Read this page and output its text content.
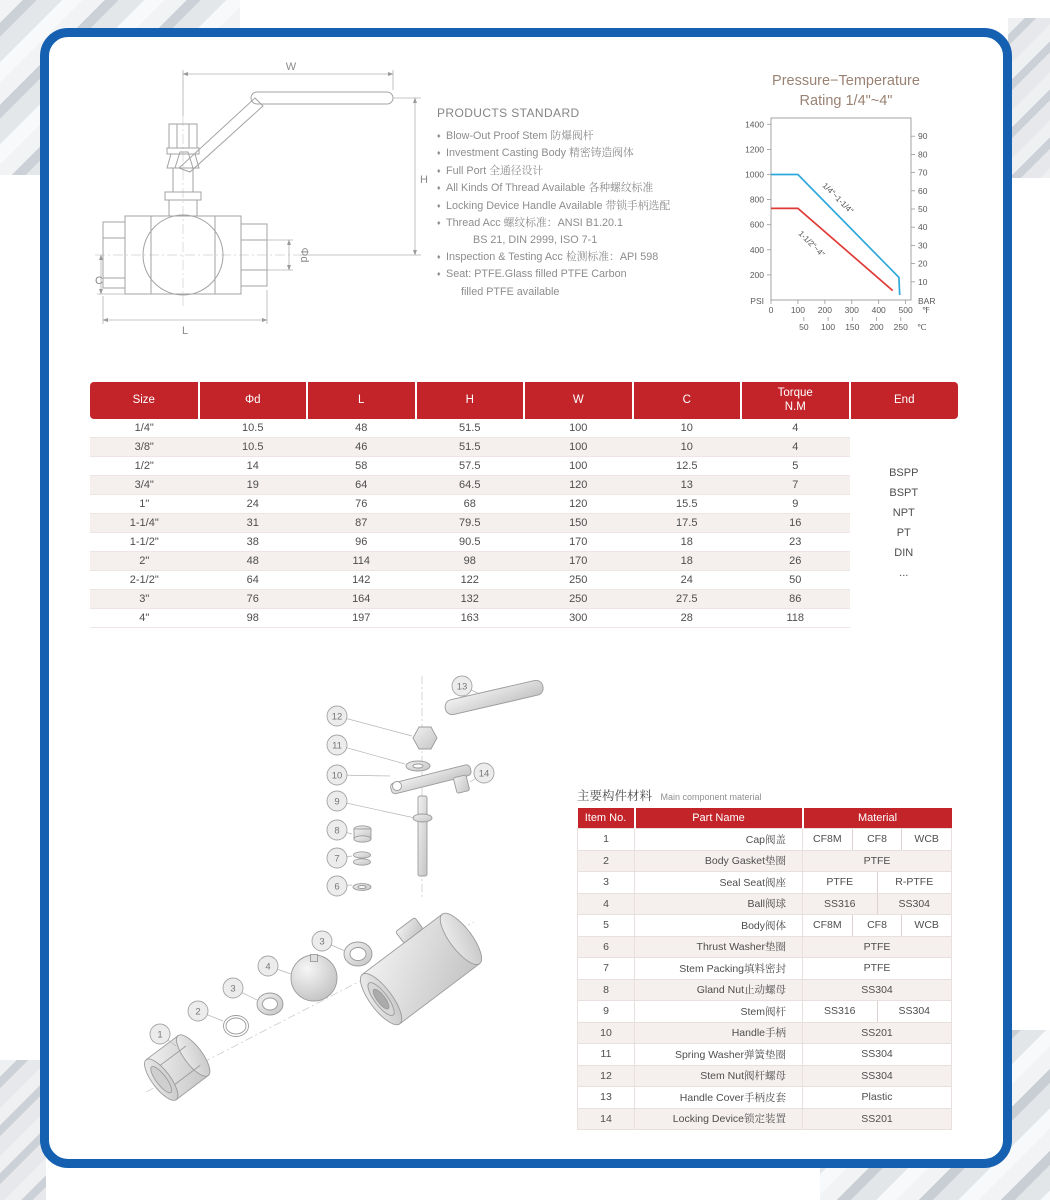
W
H
Φd
C
L
PRODUCTS STANDARD
♦ Blow-Out Proof Stem 防爆阀杆
♦ Investment Casting Body 精密铸造阀体
♦ Full Port 全通径设计
♦ All Kinds Of Thread Available 各种螺纹标准
♦ Locking Device Handle Available 带锁手柄选配
♦ Thread Acc 螺纹标准：ANSI B1.20.1
BS 21, DIN 2999, ISO 7-1
♦ Inspection & Testing Acc 检测标准：API 598
♦ Seat: PTFE.Glass filled PTFE Carbon
filled PTFE available
Pressure−Temperature
Rating 1/4"~4"
1400
1200
1000
800
600
400
200
PSI
90
80
70
60
50
40
30
20
10
BAR
0 100 200 300 400 500 ℉
50 100 150 200 250 ℃
1/4"~1-1/4"
1-1/2"~4"
Size	Φd	L	H	W	C	Torque
N.M	End
1/4"	10.5	48	51.5	100	10	4	
BSPP
BSPT
NPT
PT
DIN
...

3/8"	10.5	46	51.5	100	10	4	
1/2"	14	58	57.5	100	12.5	5	
3/4"	19	64	64.5	120	13	7	
1"	24	76	68	120	15.5	9	
1-1/4"	31	87	79.5	150	17.5	16	
1-1/2"	38	96	90.5	170	18	23	
2"	48	114	98	170	18	26	
2-1/2"	64	142	122	250	24	50	
3"	76	164	132	250	27.5	86	
4"	98	197	163	300	28	118	
13
12
11
10	14
9
8
7
6
3
4
3
2
1
主要构件材料 Main component material
Item No.	Part Name	Material
1	Cap阀盖	CF8M CF8 WCB

2	Body Gasket垫圈	PTFE

3	Seal Seat阀座	PTFE R-PTFE

4	Ball阀球	SS316 SS304

5	Body阀体	CF8M CF8 WCB

6	Thrust Washer垫圈	PTFE

7	Stem Packing填料密封	PTFE

8	Gland Nut止动螺母	SS304

9	Stem阀杆	SS316 SS304

10	Handle手柄	SS201

11	Spring Washer弹簧垫圈	SS304

12	Stem Nut阀杆螺母	SS304

13	Handle Cover手柄皮套	Plastic

14	Locking Device锁定装置	SS201
